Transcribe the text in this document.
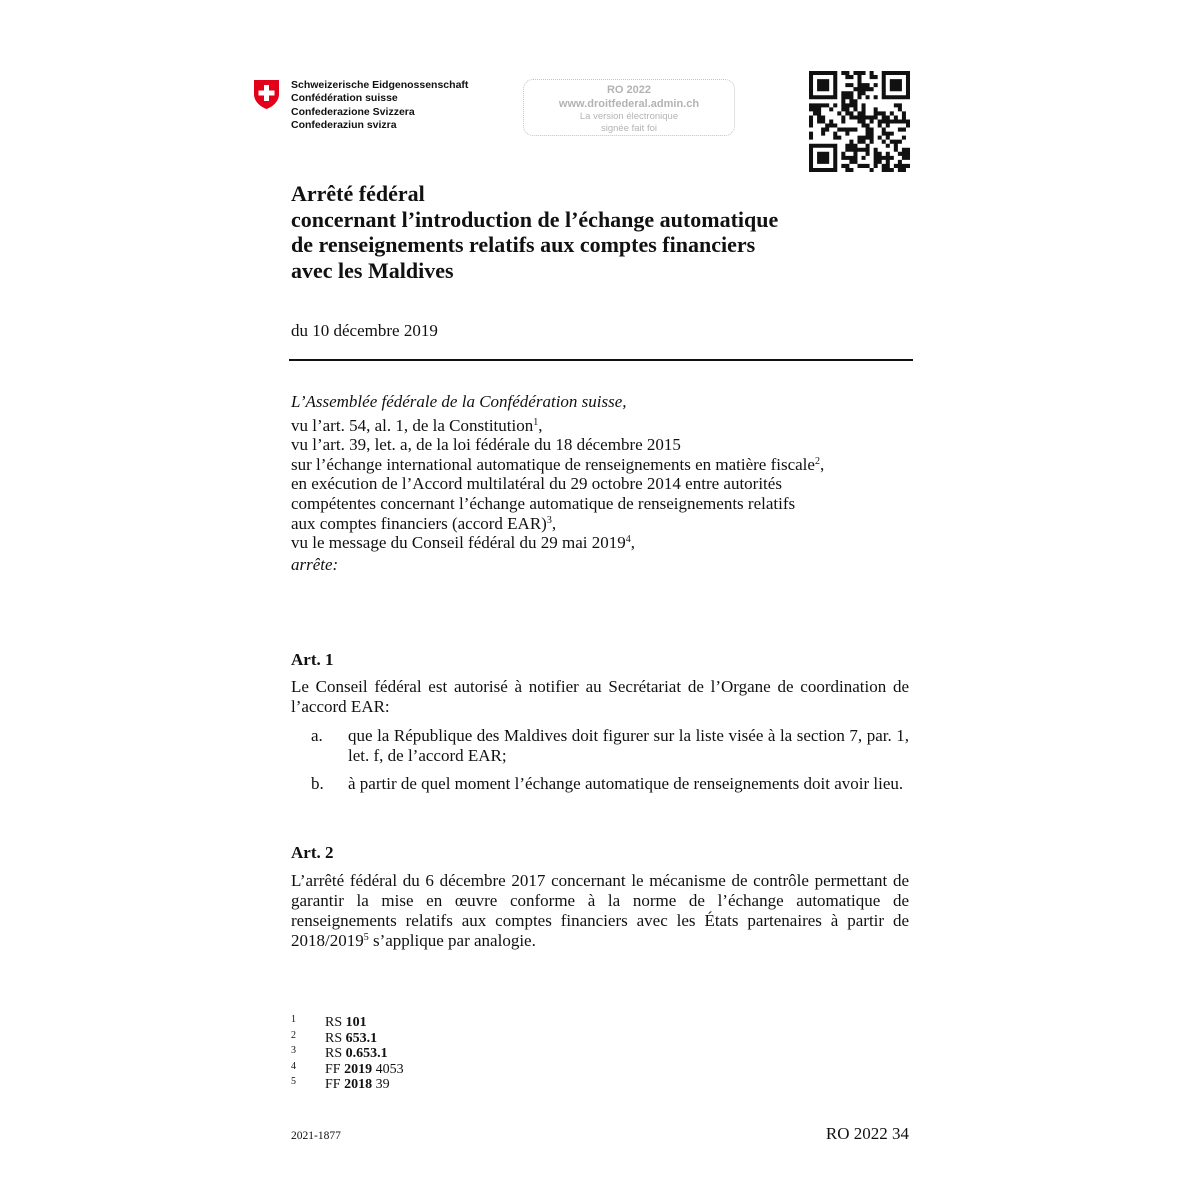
Schweizerische Eidgenossenschaft
Confédération suisse
Confederazione Svizzera
Confederaziun svizra
RO 2022
www.droitfederal.admin.ch
La version électronique
signée fait foi
Arrêté fédéral
concernant l’introduction de l’échange automatique
de renseignements relatifs aux comptes financiers
avec les Maldives
du 10 décembre 2019
L’Assemblée fédérale de la Confédération suisse,
vu l’art. 54, al. 1, de la Constitution$^1$,
vu l’art. 39, let. a, de la loi fédérale du 18 décembre 2015
sur l’échange international automatique de renseignements en matière fiscale$^2$,
en exécution de l’Accord multilatéral du 29 octobre 2014 entre autorités
compétentes concernant l’échange automatique de renseignements relatifs
aux comptes financiers (accord EAR)$^3$,
vu le message du Conseil fédéral du 29 mai 2019$^4$,
arrête:
Art. 1
Le Conseil fédéral est autorisé à notifier au Secrétariat de l’Organe de coordination de l’accord EAR:
a.	que la République des Maldives doit figurer sur la liste visée à la section 7, par. 1, let. f, de l’accord EAR;
b.	à partir de quel moment l’échange automatique de renseignements doit avoir lieu.
Art. 2
L’arrêté fédéral du 6 décembre 2017 concernant le mécanisme de contrôle permettant de garantir la mise en œuvre conforme à la norme de l’échange automatique de renseignements relatifs aux comptes financiers avec les États partenaires à partir de 2018/2019$^5$ s’applique par analogie.
1	RS 101
2	RS 653.1
3	RS 0.653.1
4	FF 2019 4053
5	FF 2018 39
2021-1877	RO 2022 34
